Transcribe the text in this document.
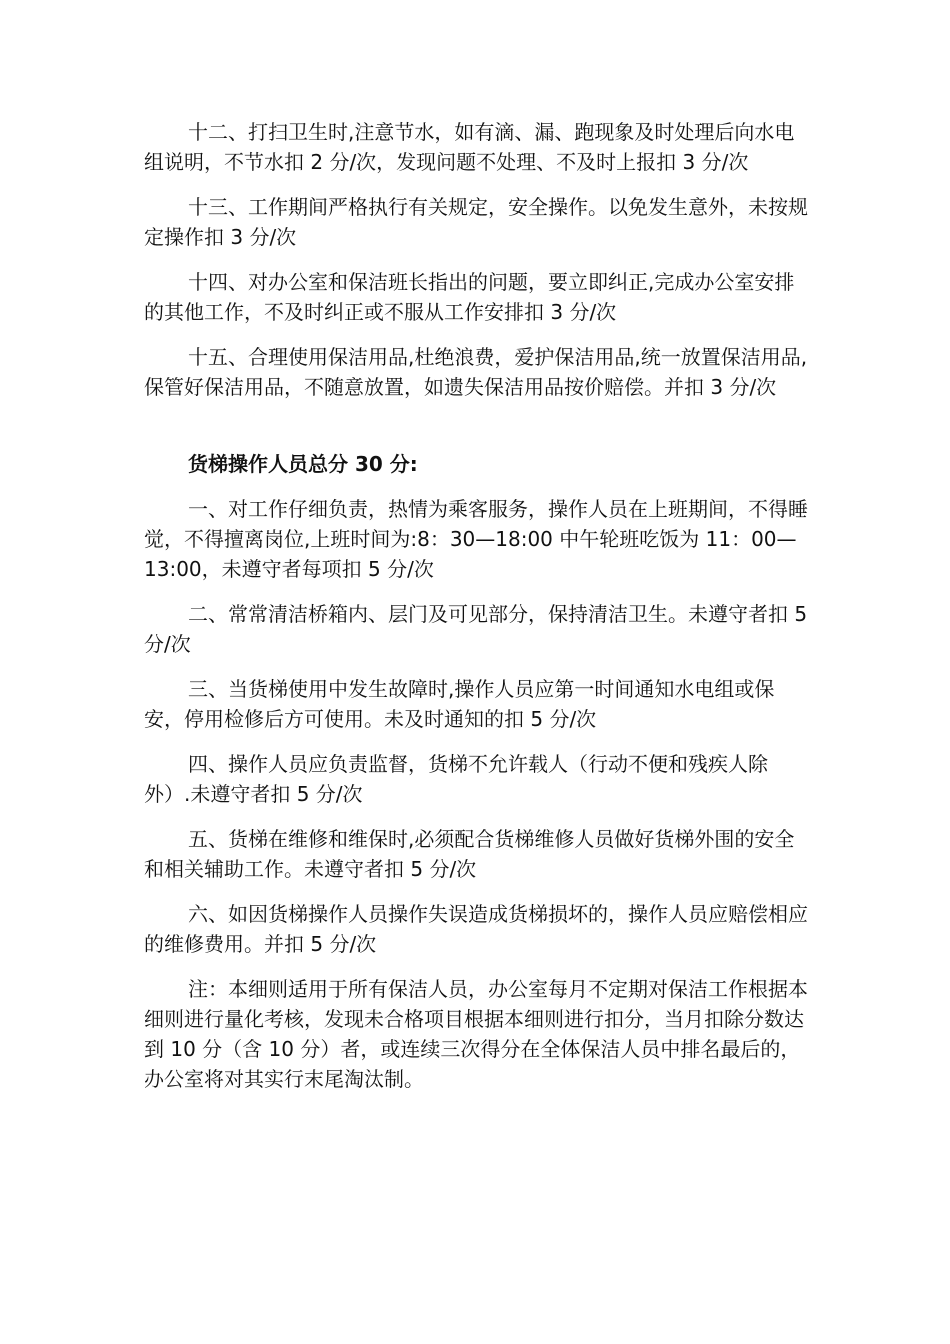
十二、打扫卫生时,注意节水，如有滴、漏、跑现象及时处理后向水电组说明，不节水扣 2 分/次，发现问题不处理、不及时上报扣 3 分/次

十三、工作期间严格执行有关规定，安全操作。以免发生意外，未按规定操作扣 3 分/次

十四、对办公室和保洁班长指出的问题，要立即纠正,完成办公室安排的其他工作，不及时纠正或不服从工作安排扣 3 分/次

十五、合理使用保洁用品,杜绝浪费，爱护保洁用品,统一放置保洁用品,保管好保洁用品，不随意放置，如遗失保洁用品按价赔偿。并扣 3 分/次

货梯操作人员总分 30 分:

一、对工作仔细负责，热情为乘客服务，操作人员在上班期间，不得睡觉，不得擅离岗位,上班时间为:8：30—18:00 中午轮班吃饭为 11：00—13:00，未遵守者每项扣 5 分/次

二、常常清洁桥箱内、层门及可见部分，保持清洁卫生。未遵守者扣 5 分/次

三、当货梯使用中发生故障时,操作人员应第一时间通知水电组或保安，停用检修后方可使用。未及时通知的扣 5 分/次

四、操作人员应负责监督，货梯不允许载人（行动不便和残疾人除外）.未遵守者扣 5 分/次

五、货梯在维修和维保时,必须配合货梯维修人员做好货梯外围的安全和相关辅助工作。未遵守者扣 5 分/次

六、如因货梯操作人员操作失误造成货梯损坏的，操作人员应赔偿相应的维修费用。并扣 5 分/次

注：本细则适用于所有保洁人员，办公室每月不定期对保洁工作根据本细则进行量化考核，发现未合格项目根据本细则进行扣分，当月扣除分数达到 10 分（含 10 分）者，或连续三次得分在全体保洁人员中排名最后的，办公室将对其实行末尾淘汰制。
